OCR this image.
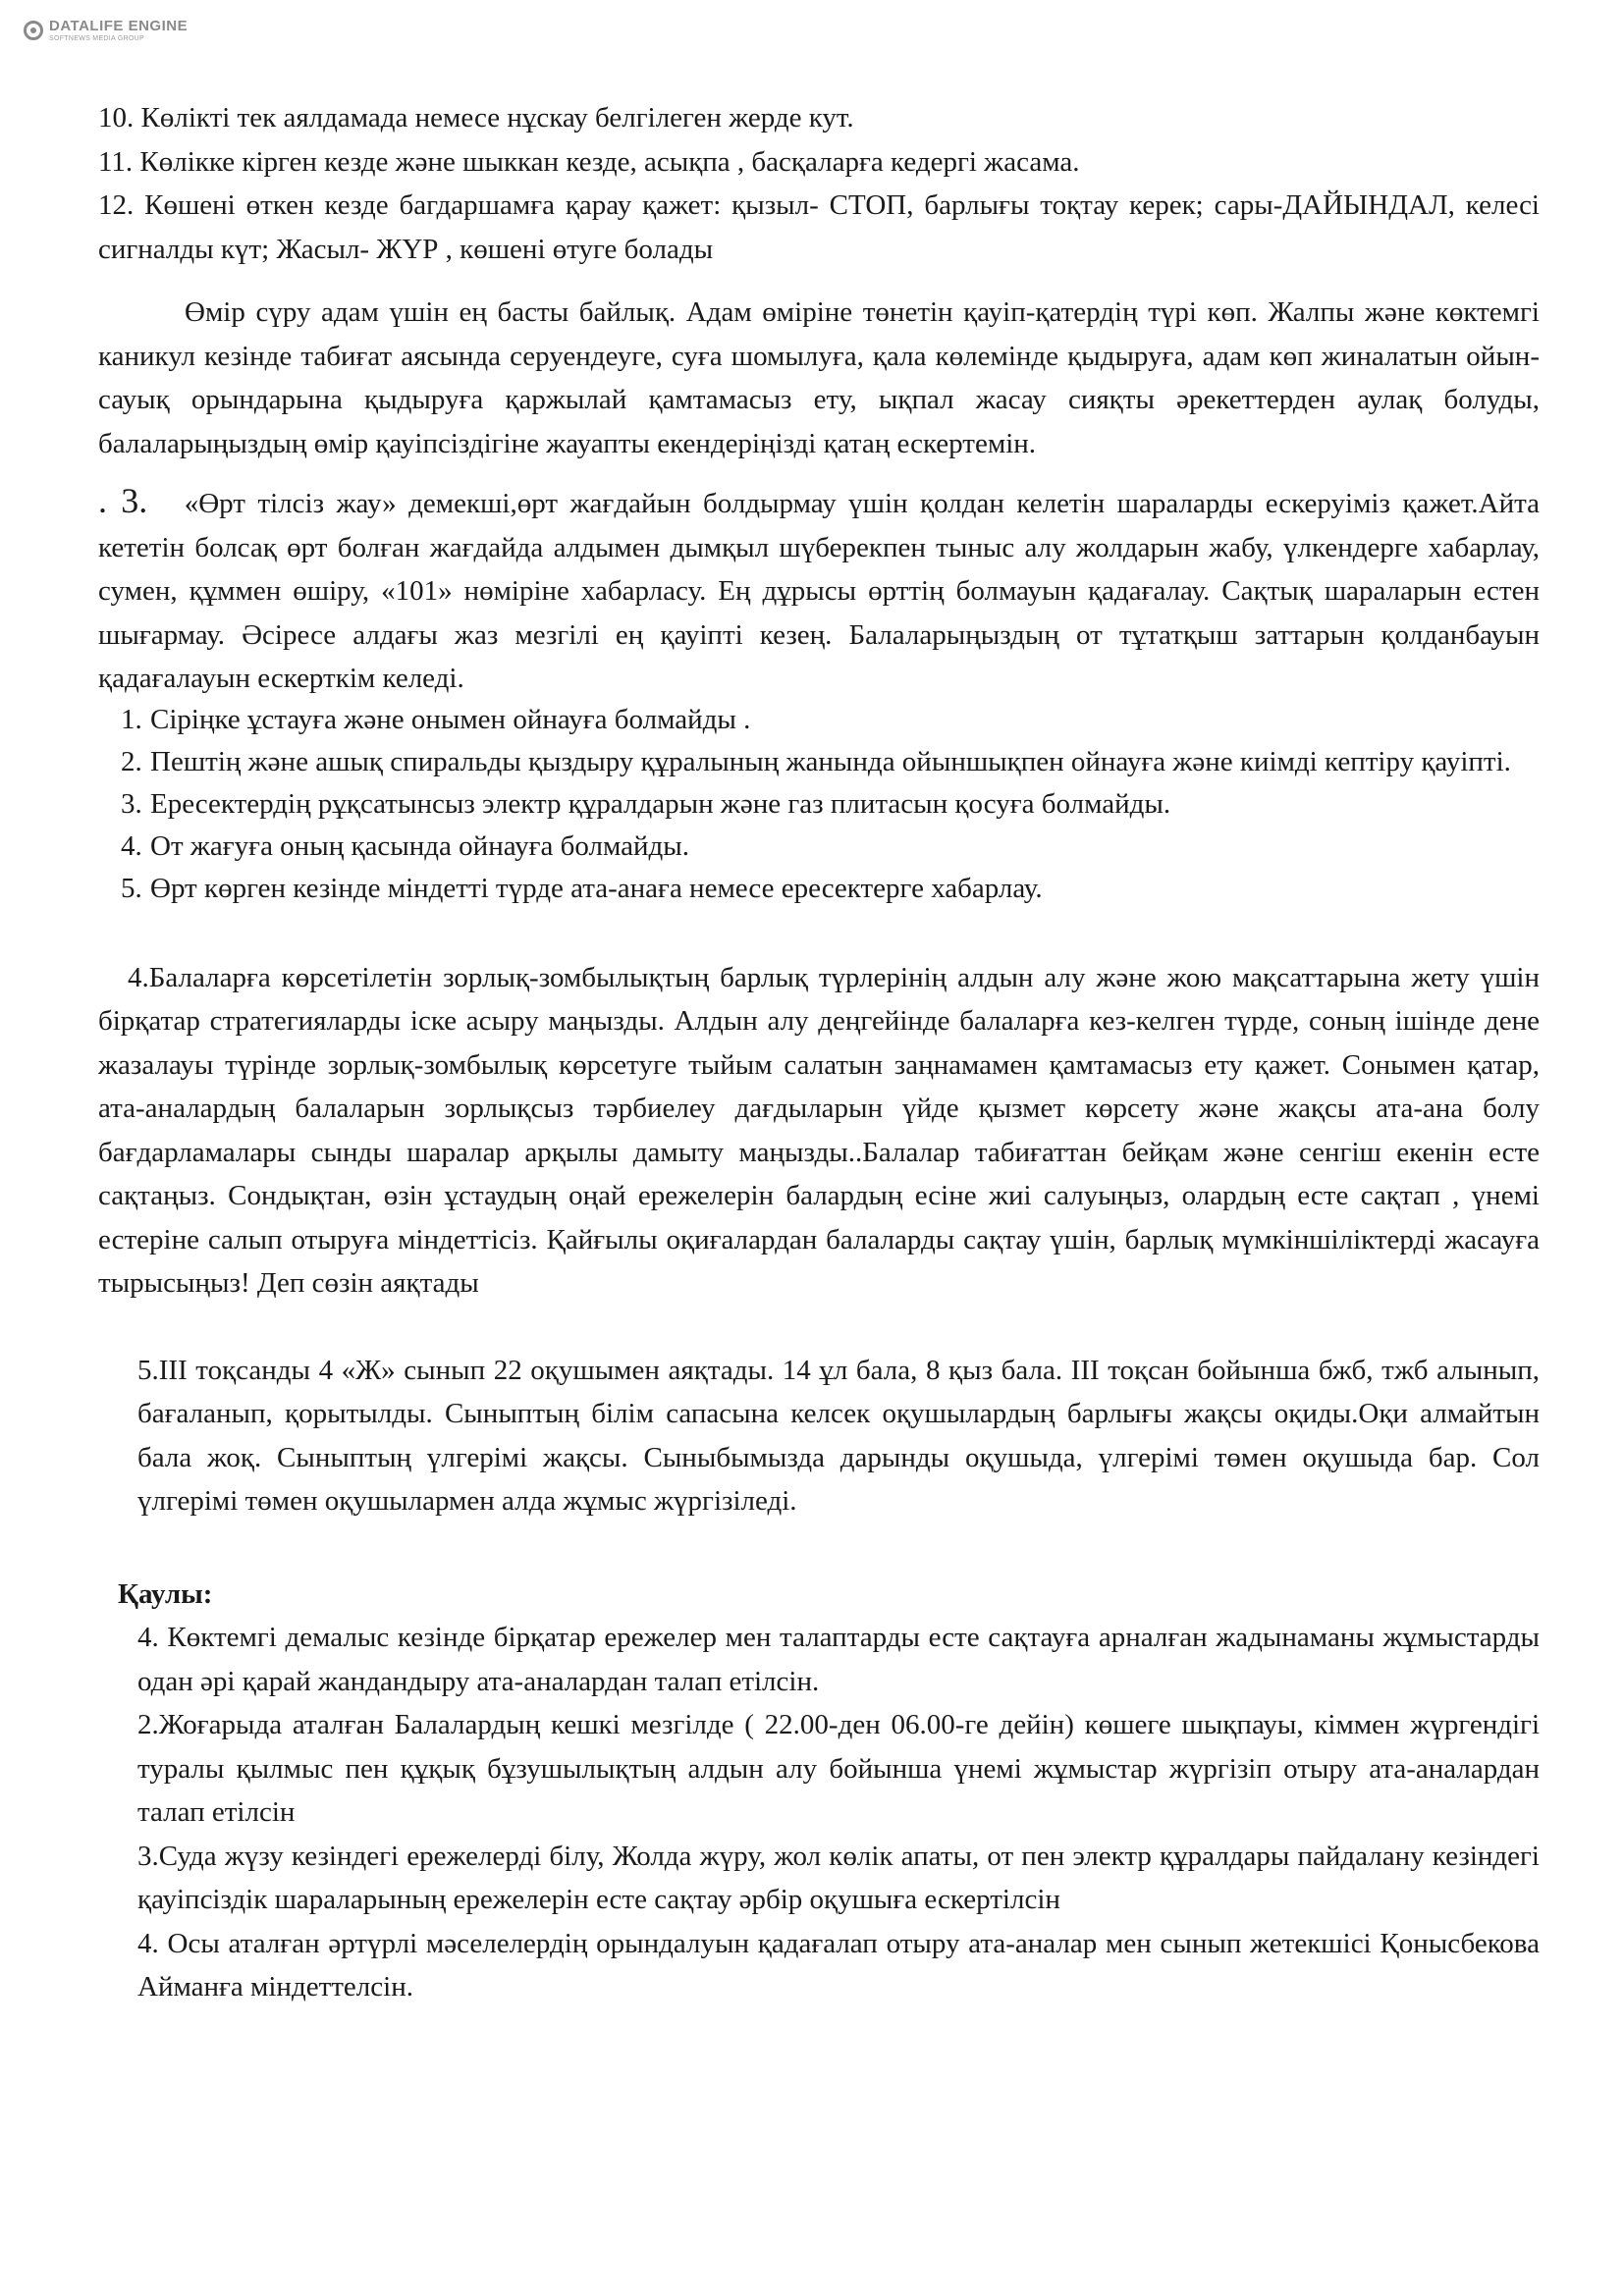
DATALIFE ENGINE
SOFTNEWS MEDIA GROUP

10. Көлікті тек аялдамада немесе нұскау белгілеген жерде кут.

11. Көлікке кірген кезде және шыккан кезде, асықпа , басқаларға кедергі жасама.

12. Көшені өткен кезде багдаршамға қарау қажет: қызыл- СТОП, барлығы тоқтау керек; сары-ДАЙЫНДАЛ, келесі сигналды күт; Жасыл- ЖҮР , көшені өтуге болады

Өмір сүру адам үшін ең басты байлық. Адам өміріне төнетін қауіп-қатердің түрі көп. Жалпы және көктемгі каникул кезінде табиғат аясында серуендеуге, суға шомылуға, қала көлемінде қыдыруға, адам көп жиналатын ойын-сауық орындарына қыдыруға қаржылай қамтамасыз ету, ықпал жасау сияқты әрекеттерден аулақ болуды, балаларыңыздың өмір қауіпсіздігіне жауапты екендеріңізді қатаң ескертемін.

. 3. «Өрт тілсіз жау» демекші,өрт жағдайын болдырмау үшін қолдан келетін шараларды ескеруіміз қажет.Айта кететін болсақ өрт болған жағдайда алдымен дымқыл шүберекпен тыныс алу жолдарын жабу, үлкендерге хабарлау, сумен, құммен өшіру, «101» нөміріне хабарласу. Ең дұрысы өрттің болмауын қадағалау. Сақтық шараларын естен шығармау. Әсіресе алдағы жаз мезгілі ең қауіпті кезең. Балаларыңыздың от тұтатқыш заттарын қолданбауын қадағалауын ескерткім келеді.

1. Сіріңке ұстауға және онымен ойнауға болмайды .
2. Пештің және ашық спиральды қыздыру құралының жанында ойыншықпен ойнауға және киімді кептіру қауіпті.
3. Ересектердің рұқсатынсыз электр құралдарын және газ плитасын қосуға болмайды.
4. От жағуға оның қасында ойнауға болмайды.
5. Өрт көрген кезінде міндетті түрде ата-анаға немесе ересектерге хабарлау.

4.Балаларға көрсетілетін зорлық-зомбылықтың барлық түрлерінің алдын алу және жою мақсаттарына жету үшін бірқатар стратегияларды іске асыру маңызды. Алдын алу деңгейінде балаларға кез-келген түрде, соның ішінде дене жазалауы түрінде зорлық-зомбылық көрсетуге тыйым салатын заңнамамен қамтамасыз ету қажет. Сонымен қатар, ата-аналардың балаларын зорлықсыз тәрбиелеу дағдыларын үйде қызмет көрсету және жақсы ата-ана болу бағдарламалары сынды шаралар арқылы дамыту маңызды..Балалар табиғаттан бейқам және сенгіш екенін есте сақтаңыз. Сондықтан, өзін ұстаудың оңай ережелерін балардың есіне жиі салуыңыз, олардың есте сақтап , үнемі естеріне салып отыруға міндеттісіз. Қайғылы оқиғалардан балаларды сақтау үшін, барлық мүмкіншіліктерді жасауға тырысыңыз! Деп сөзін аяқтады

5.ІІІ тоқсанды 4 «Ж» сынып 22 оқушымен аяқтады. 14 ұл бала, 8 қыз бала. ІІІ тоқсан бойынша бжб, тжб алынып, бағаланып, қорытылды. Сыныптың білім сапасына келсек оқушылардың барлығы жақсы оқиды.Оқи алмайтын бала жоқ. Сыныптың үлгерімі жақсы. Сыныбымызда дарынды оқушыда, үлгерімі төмен оқушыда бар. Сол үлгерімі төмен оқушылармен алда жұмыс жүргізіледі.

Қаулы:

4. Көктемгі демалыс кезінде бірқатар ережелер мен талаптарды есте сақтауға арналған жадынаманы жұмыстарды одан әрі қарай жандандыру ата-аналардан талап етілсін.

2.Жоғарыда аталған Балалардың кешкі мезгілде ( 22.00-ден 06.00-ге дейін) көшеге шықпауы, кіммен жүргендігі туралы қылмыс пен құқық бұзушылықтың алдын алу бойынша үнемі жұмыстар жүргізіп отыру ата-аналардан талап етілсін

3.Суда жүзу кезіндегі ережелерді білу, Жолда жүру, жол көлік апаты, от пен электр құралдары пайдалану кезіндегі қауіпсіздік шараларының ережелерін есте сақтау әрбір оқушыға ескертілсін

4. Осы аталған әртүрлі мәселелердің орындалуын қадағалап отыру ата-аналар мен сынып жетекшісі Қонысбекова Айманға міндеттелсін.
